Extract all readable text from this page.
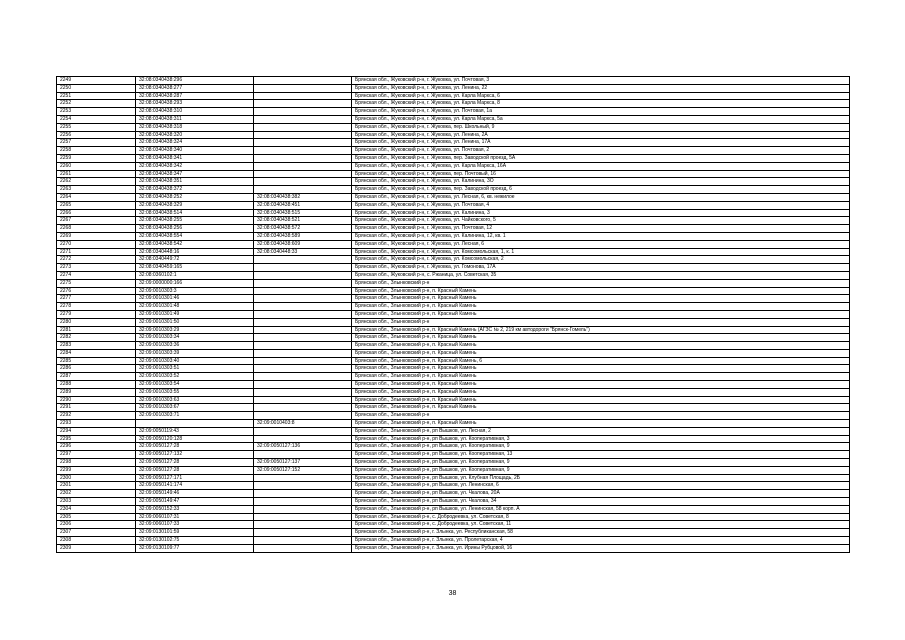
2249	32:08:0340438:296		Брянская обл., Жуковский р-н, г. Жуковка, ул. Почтовая, 3
2250	32:08:0340438:277		Брянская обл., Жуковский р-н, г. Жуковка, ул. Ленина, 22
2251	32:08:0340438:287		Брянская обл., Жуковский р-н, г. Жуковка, ул. Карла Маркса, 6
2252	32:08:0340438:293		Брянская обл., Жуковский р-н, г. Жуковка, ул. Карла Маркса, 8
2253	32:08:0340438:310		Брянская обл., Жуковский р-н, г. Жуковка, ул. Почтовая, 1а
2254	32:08:0340438:311		Брянская обл., Жуковский р-н, г. Жуковка, ул. Карла Маркса, 5а
2255	32:08:0340438:318		Брянская обл., Жуковский р-н, г. Жуковка, пер. Школьный, 9
2256	32:08:0340438:320		Брянская обл., Жуковский р-н, г. Жуковка, ул. Ленина, 2А
2257	32:08:0340438:324		Брянская обл., Жуковский р-н, г. Жуковка, ул. Ленина, 17А
2258	32:08:0340438:340		Брянская обл., Жуковский р-н, г. Жуковка, ул. Почтовая, 2
2259	32:08:0340438:341		Брянская обл., Жуковский р-н, г. Жуковка, пер. Заводской проезд, 5А
2260	32:08:0340438:342		Брянская обл., Жуковский р-н, г. Жуковка, ул. Карла Маркса, 16А
2261	32:08:0340438:347		Брянская обл., Жуковский р-н, г. Жуковка, пер. Почтовый, 16
2262	32:08:0340438:351		Брянская обл., Жуковский р-н, г. Жуковка, ул. Калинина, 3О
2263	32:08:0340438:372		Брянская обл., Жуковский р-н, г. Жуковка, пер. Заводской проезд, 6
2264	32:08:0340438:252	32:08:0340438:382	Брянская обл., Жуковский р-н, г. Жуковка, ул. Лесная, 6, кв. нежилое
2265	32:08:0340438:329	32:08:0340438:451	Брянская обл., Жуковский р-н, г. Жуковка, ул. Почтовая, 4
2266	32:08:0340438:514	32:08:0340438:515	Брянская обл., Жуковский р-н, г. Жуковка, ул. Калинина, 3
2267	32:08:0340438:255	32:08:0340438:521	Брянская обл., Жуковский р-н, г. Жуковка, ул. Чайковского, 5
2268	32:08:0340438:256	32:08:0340438:572	Брянская обл., Жуковский р-н, г. Жуковка, ул. Почтовая, 12
2269	32:08:0340438:554	32:08:0340438:589	Брянская обл., Жуковский р-н, г. Жуковка, ул. Калинина, 12, кв. 1
2270	32:08:0340438:542	32:08:0340438:609	Брянская обл., Жуковский р-н, г. Жуковка, ул. Лесная, 6
2271	32:08:0340448:16	32:08:0340448:33	Брянская обл., Жуковский р-н, г. Жуковка, ул. Комсомольская, 1, к. 1
2272	32:08:0340449:72		Брянская обл., Жуковский р-н, г. Жуковка, ул. Комсомольская, 2
2273	32:08:0340459:165		Брянская обл., Жуковский р-н, г. Жуковка, ул. Гомонова, 17А
2274	32:08:0360102:1		Брянская обл., Жуковский р-н, с. Ржаница, ул. Советская, 35
2275	32:09:0000000:166		Брянская обл., Злынковский р-н
2276	32:09:0010303:3		Брянская обл., Злынковский р-н, п. Красный Камень
2277	32:09:0010301:46		Брянская обл., Злынковский р-н, п. Красный Камень
2278	32:09:0010301:48		Брянская обл., Злынковский р-н, п. Красный Камень
2279	32:09:0010301:49		Брянская обл., Злынковский р-н, п. Красный Камень
2280	32:09:0010301:50		Брянская обл., Злынковский р-н
2281	32:09:0010303:29		Брянская обл., Злынковский р-н, п. Красный Камень (АГЗС № 2, 219 км автодороги "Брянск-Гомель")
2282	32:09:0010303:34		Брянская обл., Злынковский р-н, п. Красный Камень
2283	32:09:0010303:36		Брянская обл., Злынковский р-н, п. Красный Камень
2284	32:09:0010303:39		Брянская обл., Злынковский р-н, п. Красный Камень
2285	32:09:0010303:40		Брянская обл., Злынковский р-н, п. Красный Камень, 6
2286	32:09:0010303:51		Брянская обл., Злынковский р-н, п. Красный Камень
2287	32:09:0010303:52		Брянская обл., Злынковский р-н, п. Красный Камень
2288	32:09:0010303:54		Брянская обл., Злынковский р-н, п. Красный Камень
2289	32:09:0010303:55		Брянская обл., Злынковский р-н, п. Красный Камень
2290	32:09:0010303:63		Брянская обл., Злынковский р-н, п. Красный Камень
2291	32:09:0010303:67		Брянская обл., Злынковский р-н, п. Красный Камень
2292	32:09:0010303:71		Брянская обл., Злынковский р-н
2293		32:09:0010403:8	Брянская обл., Злынковский р-н, п. Красный Камень
2294	32:09:0050119:43		Брянская обл., Злынковский р-н, рп Вышков, ул. Лесная, 2
2295	32:09:0050120:128		Брянская обл., Злынковский р-н, рп Вышков, ул. Кооперативная, 3
2296	32:09:0050127:28	32:09:0050127:136	Брянская обл., Злынковский р-н, рп Вышков, ул. Кооперативная, 9
2297	32:09:0050127:132		Брянская обл., Злынковский р-н, рп Вышков, ул. Кооперативная, 13
2298	32:09:0050127:28	32:09:0050127:137	Брянская обл., Злынковский р-н, рп Вышков, ул. Кооперативная, 9
2299	32:09:0050127:28	32:09:0050127:152	Брянская обл., Злынковский р-н, рп Вышков, ул. Кооперативная, 9
2300	32:09:0050127:171		Брянская обл., Злынковский р-н, рп Вышков, ул. Клубная Площадь, 2Б
2301	32:09:0050141:174		Брянская обл., Злынковский р-н, рп Вышков, ул. Ленинская, 6
2302	32:09:0050149:46		Брянская обл., Злынковский р-н, рп Вышков, ул. Чкалова, 20А
2303	32:09:0050149:47		Брянская обл., Злынковский р-н, рп Вышков, ул. Чкалова, 34
2304	32:09:0050152:33		Брянская обл., Злынковский р-н, рп Вышков, ул. Ленинская, 58 корп. А
2305	32:09:0060107:31		Брянская обл., Злынковский р-н, с. Добродеевка, ул. Советская, 8
2306	32:09:0060107:33		Брянская обл., Злынковский р-н, с. Добродеевка, ул. Советская, 11
2307	32:09:0130101:59		Брянская обл., Злынковский р-н, г. Злынка, ул. Республиканская, 58
2308	32:09:0130102:75		Брянская обл., Злынковский р-н, г. Злынка, ул. Пролетарская, 4
2309	32:09:0130109:77		Брянская обл., Злынковский р-н, г. Злынка, ул. Ирины Рубцовой, 16
38
